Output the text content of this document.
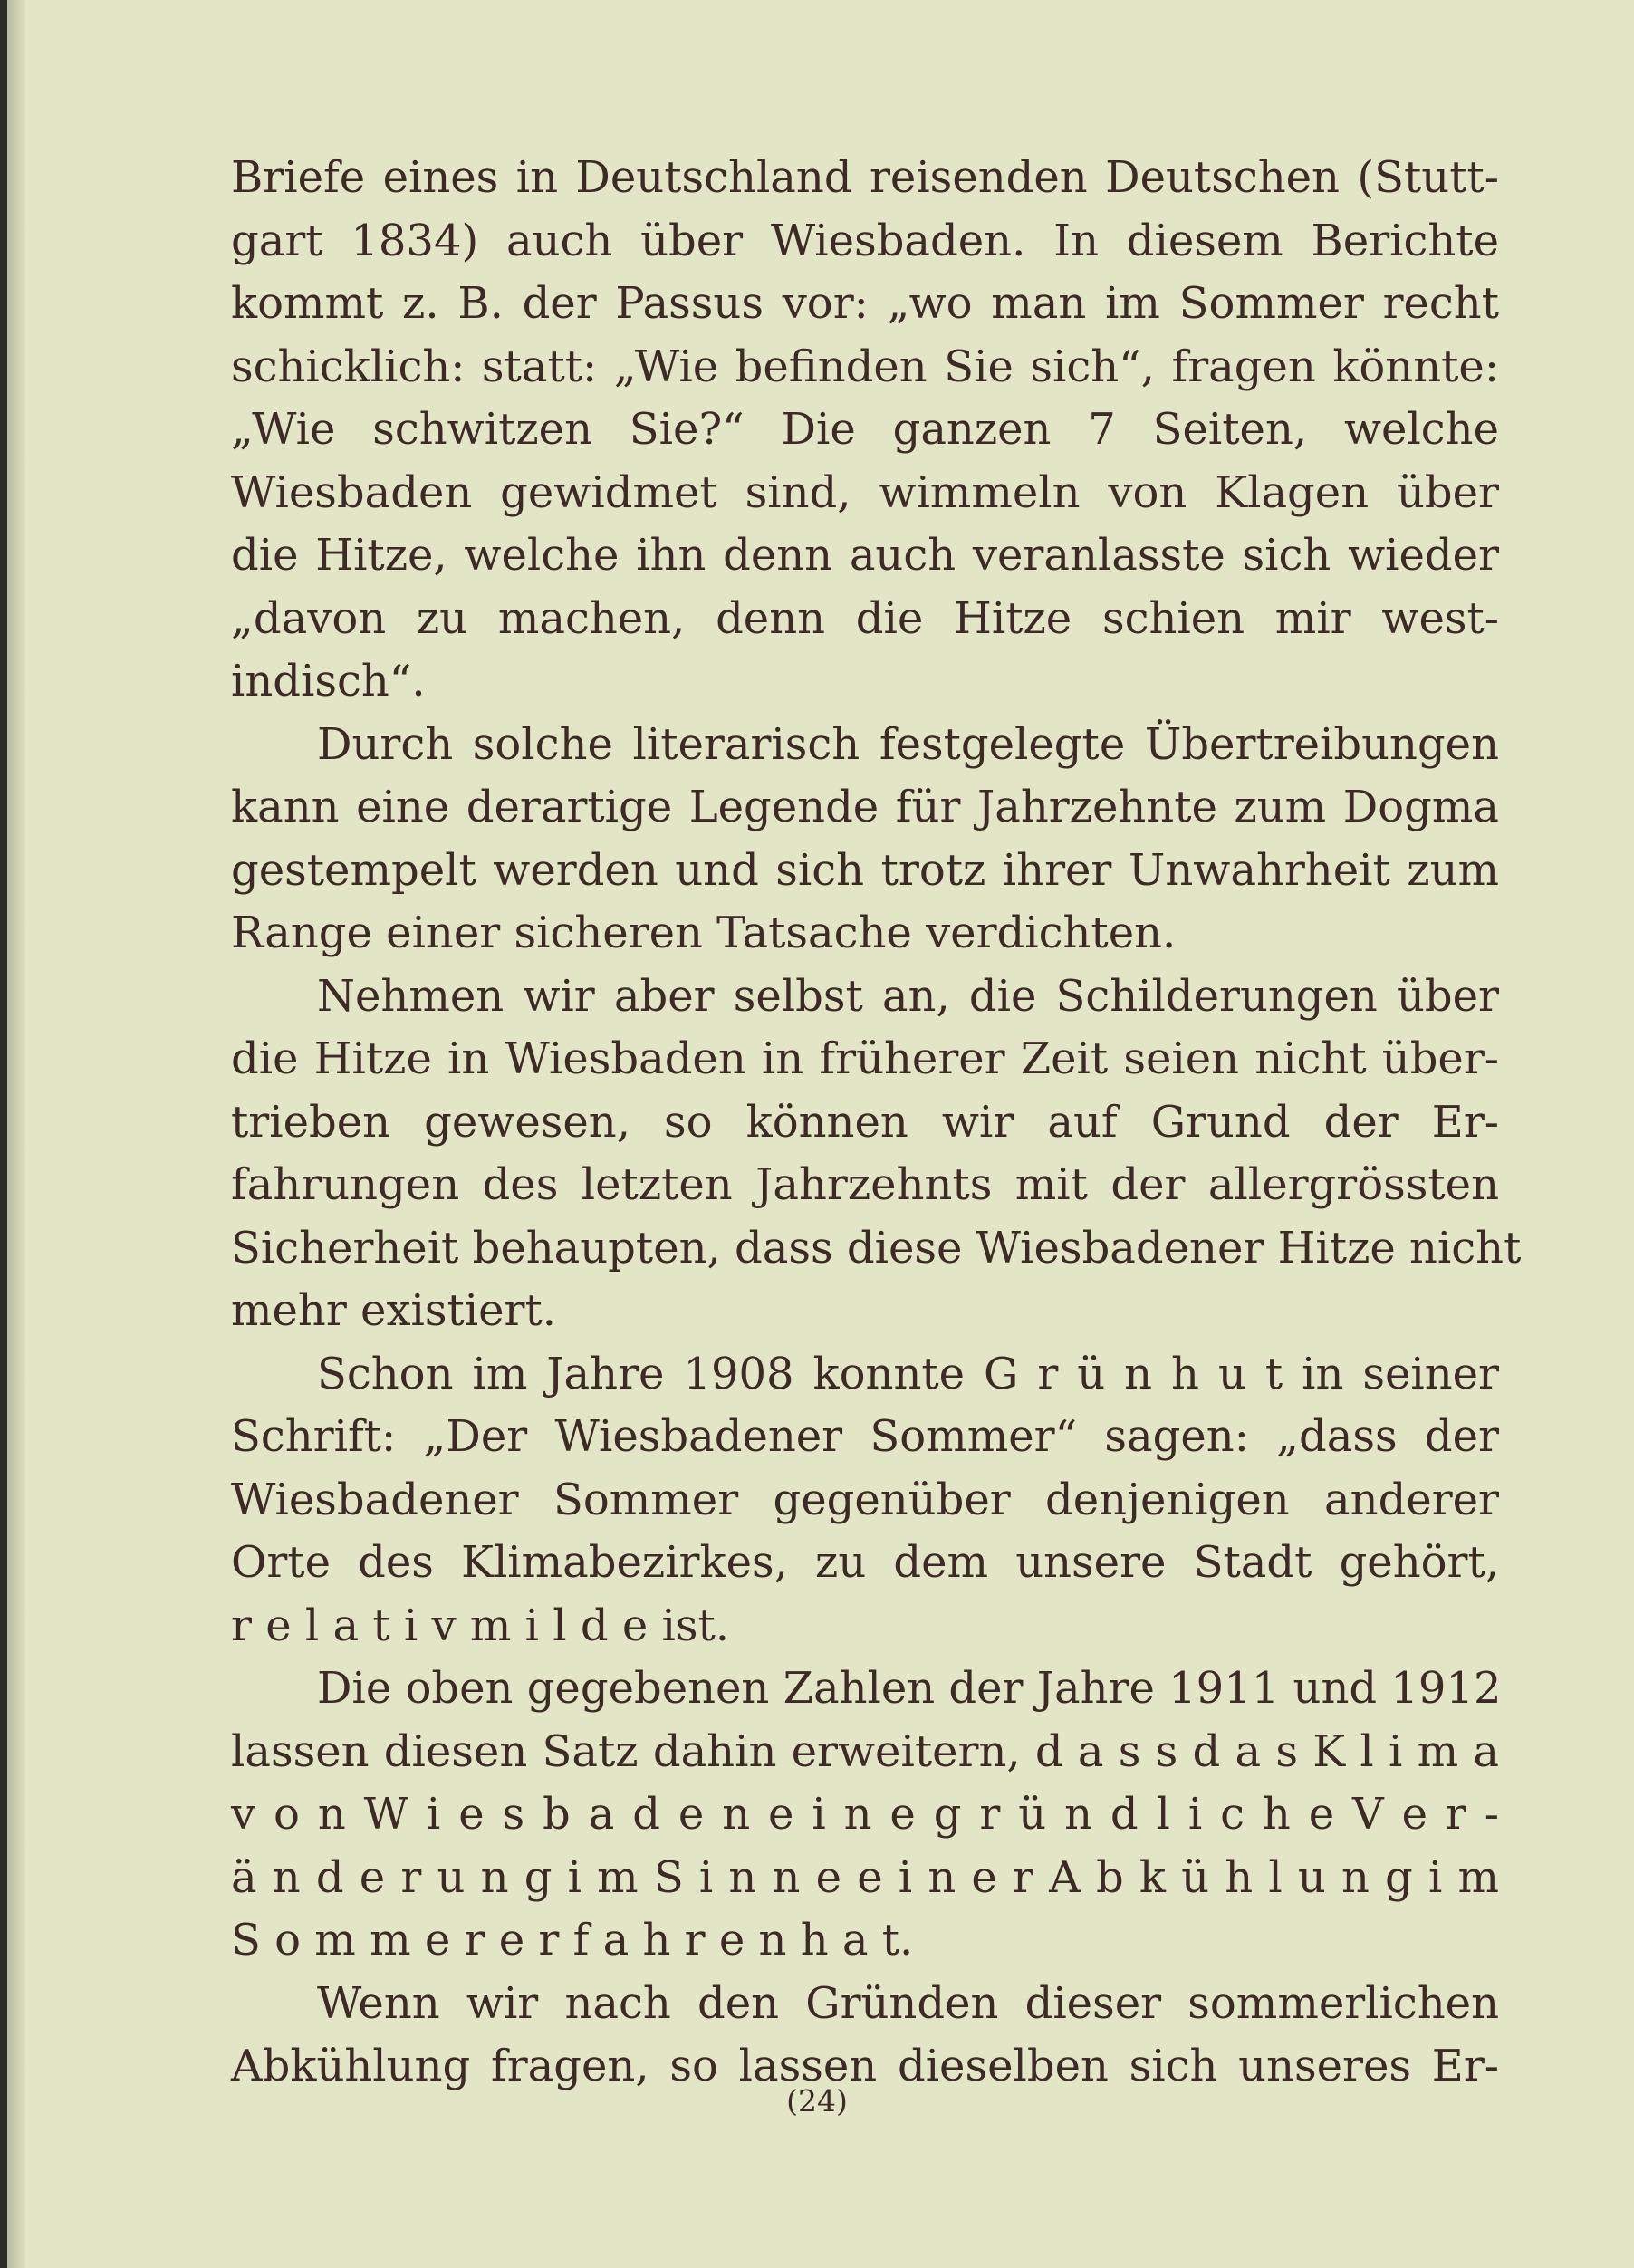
Briefe eines in Deutschland reisenden Deutschen (Stutt-
gart 1834) auch über Wiesbaden. In diesem Berichte
kommt z. B. der Passus vor: „wo man im Sommer recht
schicklich: statt: „Wie befinden Sie sich“, fragen könnte:
„Wie schwitzen Sie?“ Die ganzen 7 Seiten, welche
Wiesbaden gewidmet sind, wimmeln von Klagen über
die Hitze, welche ihn denn auch veranlasste sich wieder
„davon zu machen, denn die Hitze schien mir west-
indisch“.
Durch solche literarisch festgelegte Übertreibungen
kann eine derartige Legende für Jahrzehnte zum Dogma
gestempelt werden und sich trotz ihrer Unwahrheit zum
Range einer sicheren Tatsache verdichten.
Nehmen wir aber selbst an, die Schilderungen über
die Hitze in Wiesbaden in früherer Zeit seien nicht über-
trieben gewesen, so können wir auf Grund der Er-
fahrungen des letzten Jahrzehnts mit der allergrössten
Sicherheit behaupten, dass diese Wiesbadener Hitze nicht
mehr existiert.
Schon im Jahre 1908 konnte G r ü n h u t in seiner
Schrift: „Der Wiesbadener Sommer“ sagen: „dass der
Wiesbadener Sommer gegenüber denjenigen anderer
Orte des Klimabezirkes, zu dem unsere Stadt gehört,
r e l a t i v m i l d e ist.
Die oben gegebenen Zahlen der Jahre 1911 und 1912
lassen diesen Satz dahin erweitern, d a s s d a s K l i m a
v o n W i e s b a d e n e i n e g r ü n d l i c h e V e r -
ä n d e r u n g i m S i n n e e i n e r A b k ü h l u n g i m
S o m m e r e r f a h r e n h a t.
Wenn wir nach den Gründen dieser sommerlichen
Abkühlung fragen, so lassen dieselben sich unseres Er-
(24)
